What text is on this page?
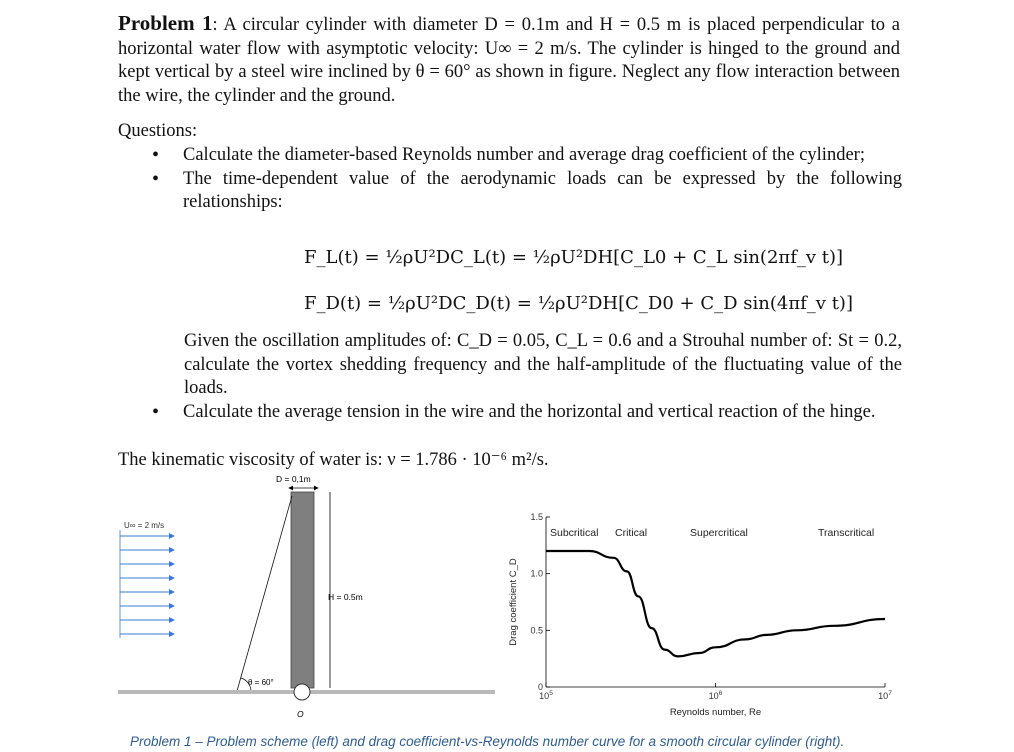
Problem 1: A circular cylinder with diameter D = 0.1m and H = 0.5 m is placed perpendicular to a horizontal water flow with asymptotic velocity: U∞ = 2 m/s. The cylinder is hinged to the ground and kept vertical by a steel wire inclined by θ = 60° as shown in figure. Neglect any flow interaction between the wire, the cylinder and the ground.
Questions:
• Calculate the diameter-based Reynolds number and average drag coefficient of the cylinder;
• The time-dependent value of the aerodynamic loads can be expressed by the following relationships:
F_L(t) = ½ρU²DC_L(t) = ½ρU²DH[C_L0 + C_L sin(2πf_v t)]
F_D(t) = ½ρU²DC_D(t) = ½ρU²DH[C_D0 + C_D sin(4πf_v t)]
Given the oscillation amplitudes of: C_D = 0.05, C_L = 0.6 and a Strouhal number of: St = 0.2, calculate the vortex shedding frequency and the half-amplitude of the fluctuating value of the loads.
• Calculate the average tension in the wire and the horizontal and vertical reaction of the hinge.
The kinematic viscosity of water is: ν = 1.786 · 10⁻⁶ m²/s.
D = 0,1m
U∞ = 2 m/s
H = 0.5m
θ = 60°
O
0
0.5
1.0
1.5
$10^5$	$10^6$	$10^7$
Reynolds number, Re
Drag coefficient C_D
Subcritical Critical	Supercritical	Transcritical
Problem 1 – Problem scheme (left) and drag coefficient-vs-Reynolds number curve for a smooth circular cylinder (right).
